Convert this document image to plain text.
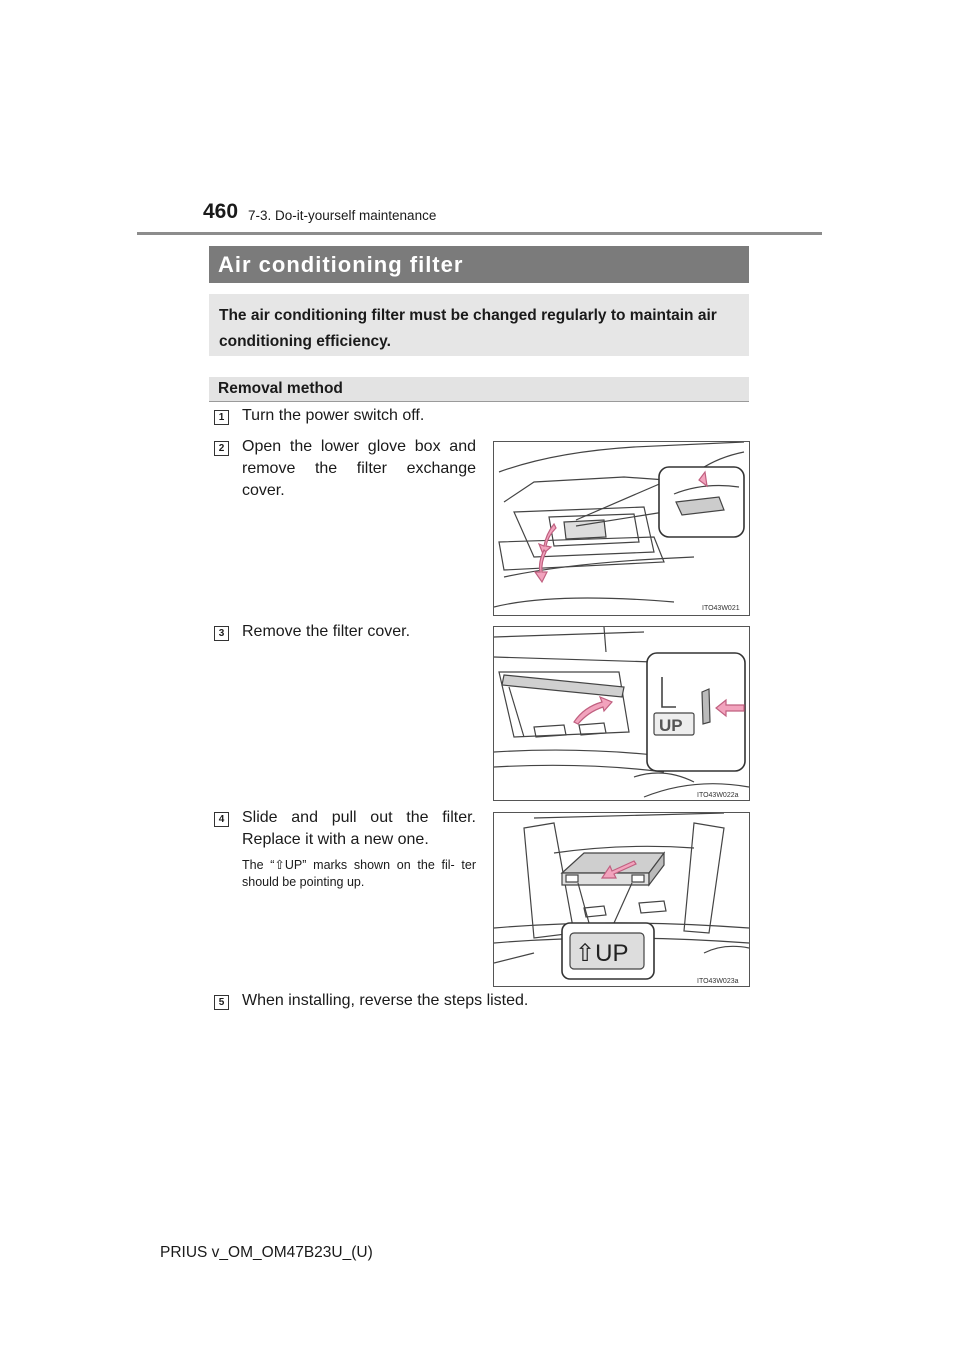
460 7-3. Do-it-yourself maintenance
Air conditioning filter
The air conditioning filter must be changed regularly to maintain air conditioning efficiency.
Removal method
1 Turn the power switch off.
2 Open the lower glove box and remove the filter exchange cover.
ITO43W021
3 Remove the filter cover.
UP
ITO43W022a
4 Slide and pull out the filter. Replace it with a new one.
The “⇧UP” marks shown on the fil- ter should be pointing up.
⇧UP
ITO43W023a
5 When installing, reverse the steps listed.
PRIUS v_OM_OM47B23U_(U)
